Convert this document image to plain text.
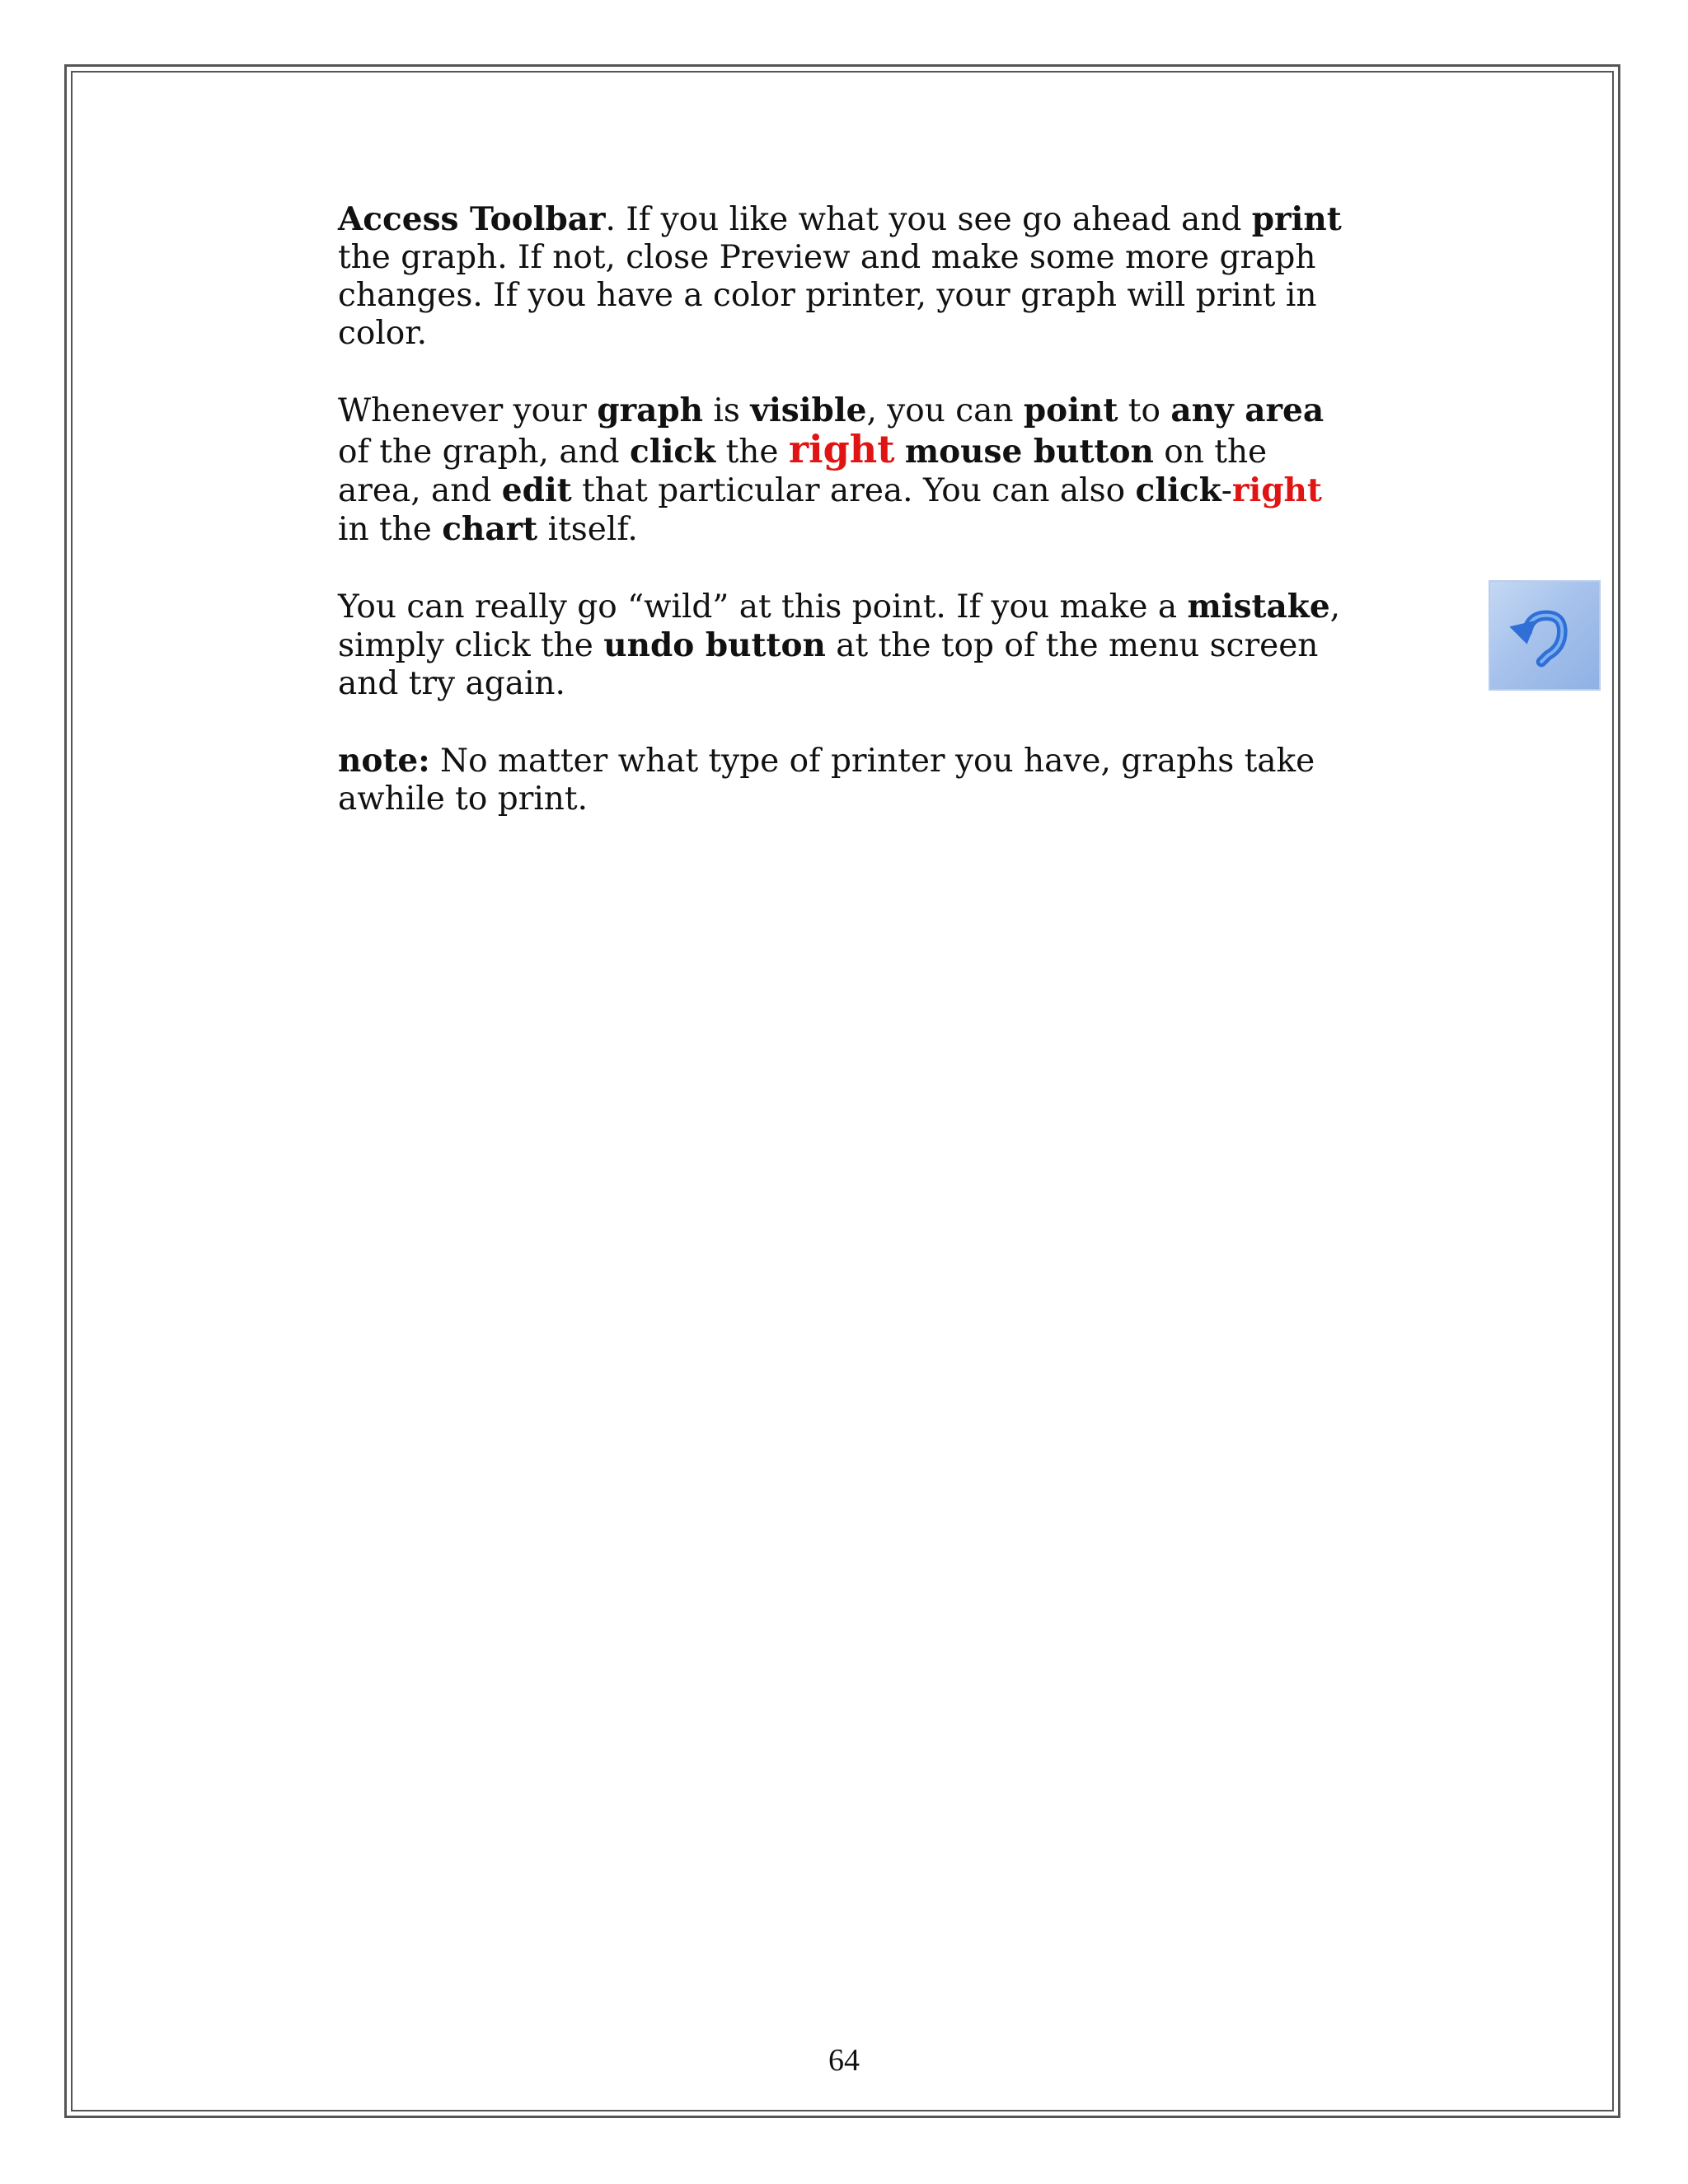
Access Toolbar. If you like what you see go ahead and print the graph. If not, close Preview and make some more graph changes. If you have a color printer, your graph will print in color.

Whenever your graph is visible, you can point to any area of the graph, and click the right mouse button on the area, and edit that particular area. You can also click-right in the chart itself.

You can really go “wild” at this point. If you make a mistake, simply click the undo button at the top of the menu screen and try again.

note: No matter what type of printer you have, graphs take awhile to print.

64
